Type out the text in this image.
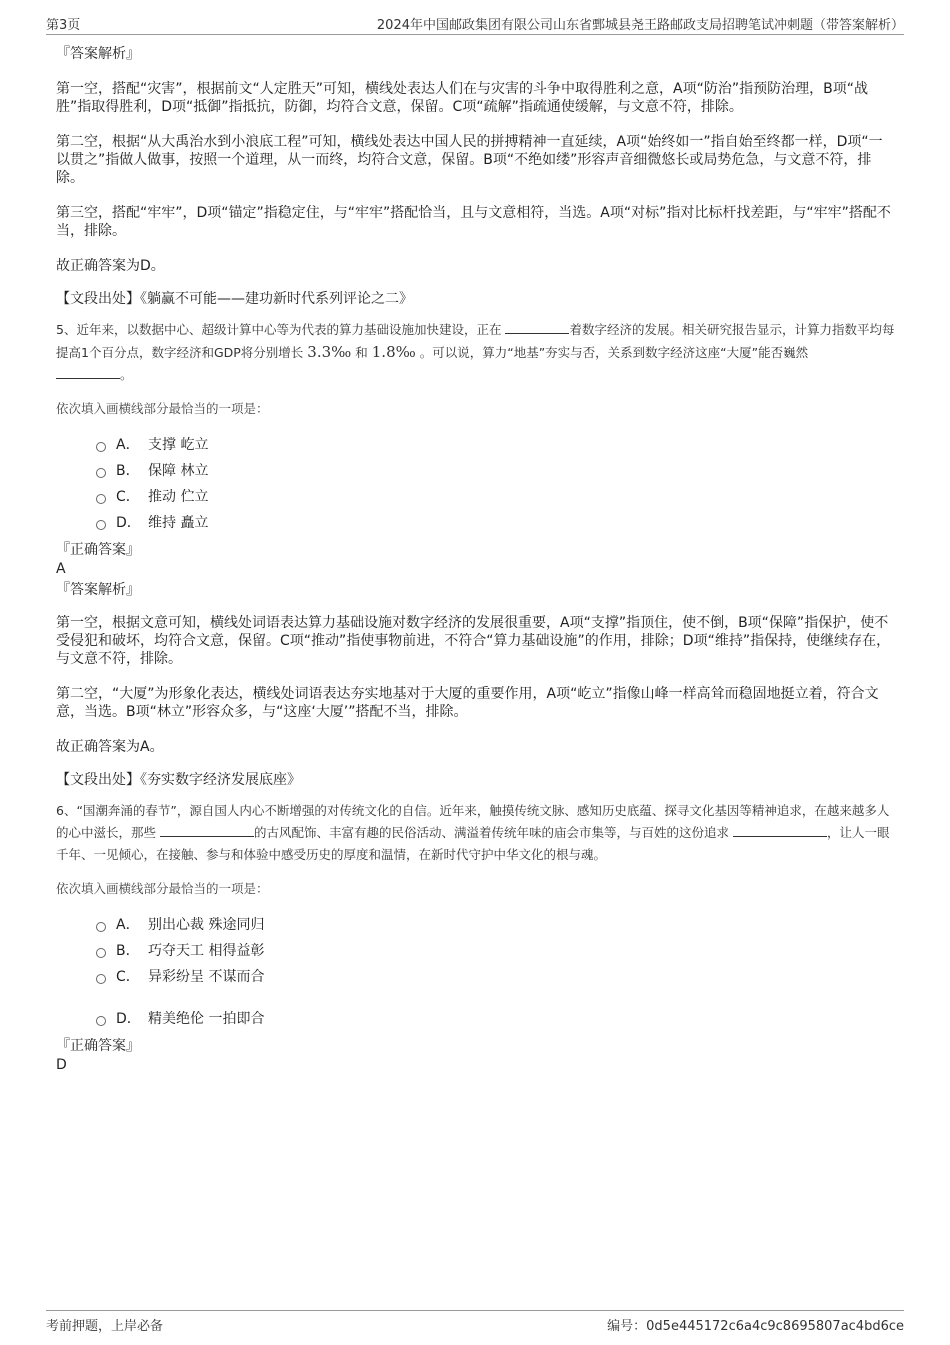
第3页	2024年中国邮政集团有限公司山东省鄄城县尧王路邮政支局招聘笔试冲刺题（带答案解析）

『答案解析』

第一空，搭配“灾害”，根据前文“人定胜天”可知，横线处表达人们在与灾害的斗争中取得胜利之意，A项“防治”指预防治理，B项“战胜”指取得胜利，D项“抵御”指抵抗，防御，均符合文意，保留。C项“疏解”指疏通使缓解，与文意不符，排除。

第二空，根据“从大禹治水到小浪底工程”可知，横线处表达中国人民的拼搏精神一直延续，A项“始终如一”指自始至终都一样，D项“一以贯之”指做人做事，按照一个道理，从一而终，均符合文意，保留。B项“不绝如缕”形容声音细微悠长或局势危急，与文意不符，排除。

第三空，搭配“牢牢”，D项“锚定”指稳定住，与“牢牢”搭配恰当，且与文意相符，当选。A项“对标”指对比标杆找差距，与“牢牢”搭配不当，排除。

故正确答案为D。

【文段出处】《躺赢不可能——建功新时代系列评论之二》

5、近年来，以数据中心、超级计算中心等为代表的算力基础设施加快建设，正在	着数字经济的发展。相关研究报告显示，计算力指数平均每提高1个百分点，数字经济和GDP将分别增长 3.3‰ 和 1.8‰ 。可以说，算力“地基”夯实与否，关系到数字经济这座“大厦”能否巍然
。

依次填入画横线部分最恰当的一项是：

A． 支撑 屹立
B． 保障 林立
C． 推动 伫立
D． 维持 矗立

『正确答案』

A

『答案解析』

第一空，根据文意可知，横线处词语表达算力基础设施对数字经济的发展很重要，A项“支撑”指顶住，使不倒，B项“保障”指保护，使不受侵犯和破坏，均符合文意，保留。C项“推动”指使事物前进，不符合“算力基础设施”的作用，排除；D项“维持”指保持，使继续存在，与文意不符，排除。

第二空，“大厦”为形象化表达，横线处词语表达夯实地基对于大厦的重要作用，A项“屹立”指像山峰一样高耸而稳固地挺立着，符合文意，当选。B项“林立”形容众多，与“这座‘大厦’”搭配不当，排除。

故正确答案为A。

【文段出处】《夯实数字经济发展底座》

6、“国潮奔涌的春节”，源自国人内心不断增强的对传统文化的自信。近年来，触摸传统文脉、感知历史底蕴、探寻文化基因等精神追求，在越来越多人的心中滋长，那些	的古风配饰、丰富有趣的民俗活动、满溢着传统年味的庙会市集等，与百姓的这份追求	，让人一眼千年、一见倾心，在接触、参与和体验中感受历史的厚度和温情，在新时代守护中华文化的根与魂。

依次填入画横线部分最恰当的一项是：

A． 别出心裁 殊途同归
B． 巧夺天工 相得益彰
C． 异彩纷呈 不谋而合
D． 精美绝伦 一拍即合

『正确答案』

D

考前押题，上岸必备	编号：0d5e445172c6a4c9c8695807ac4bd6ce
